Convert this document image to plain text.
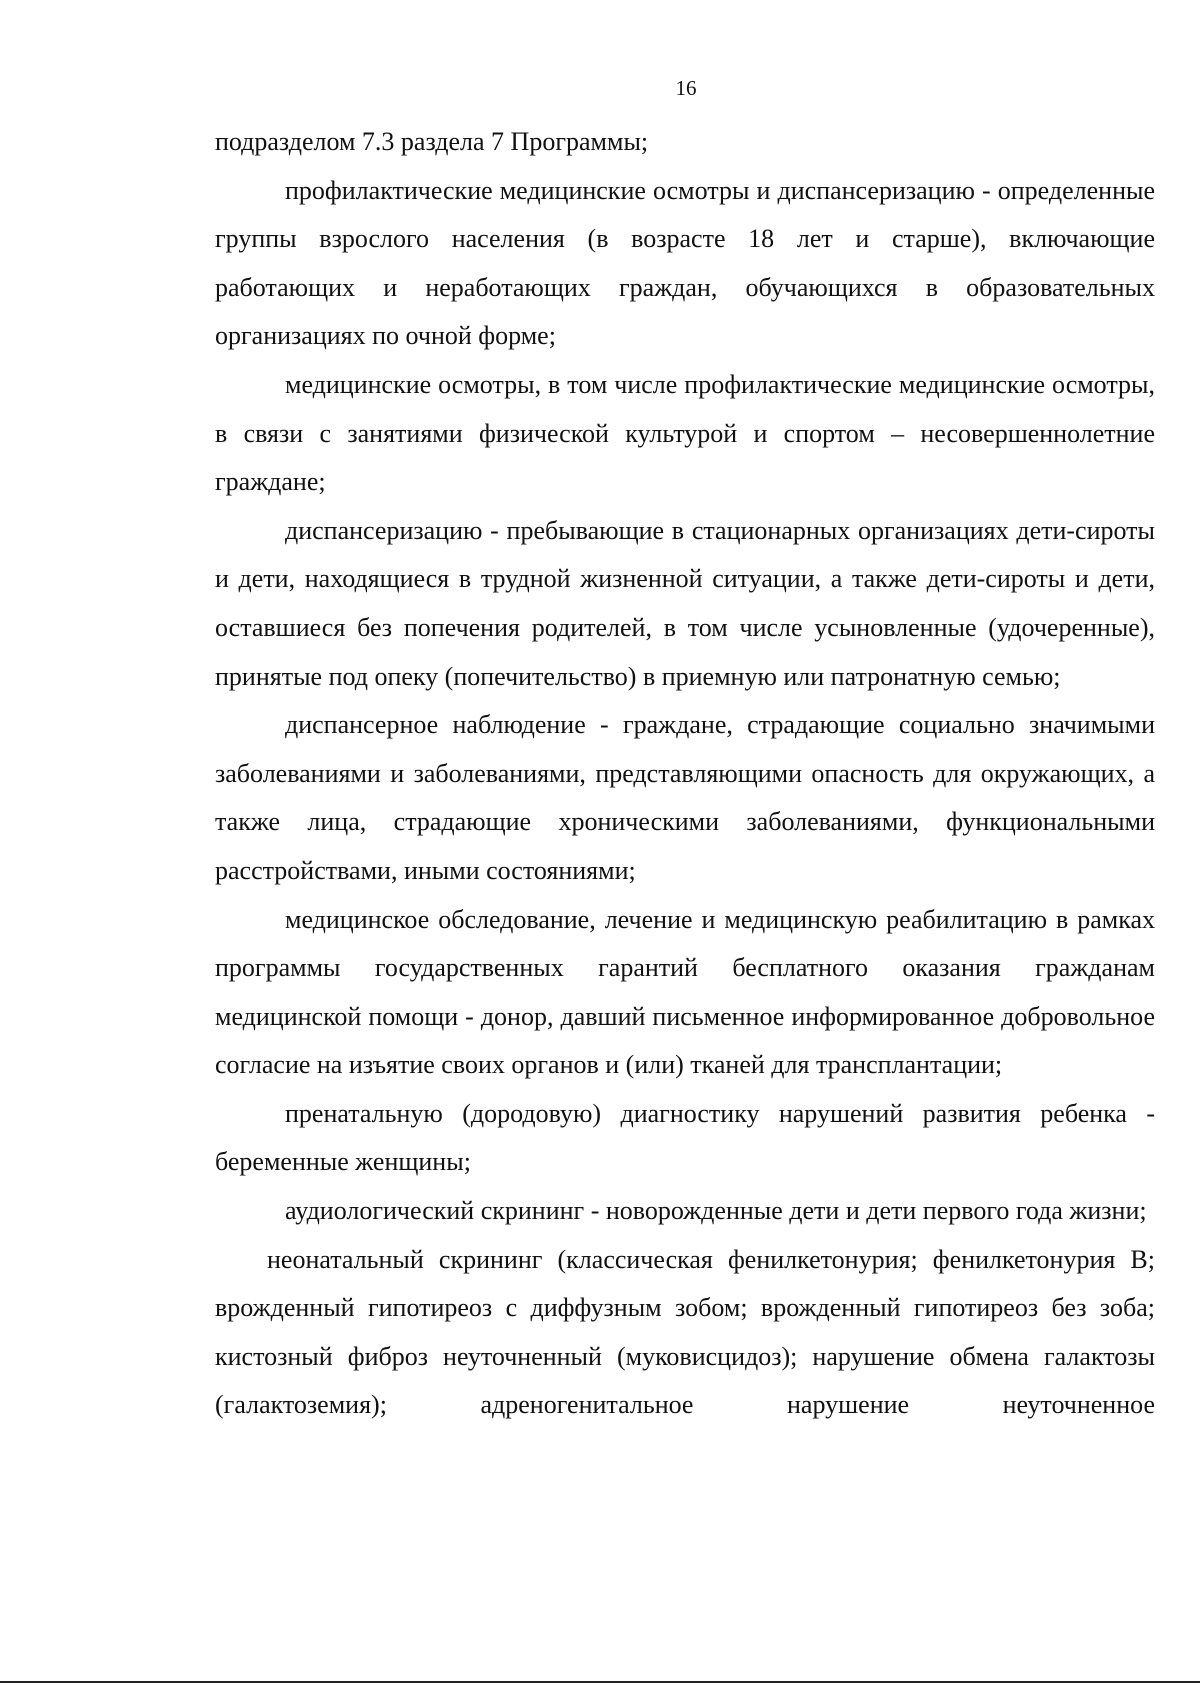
16

подразделом 7.3 раздела 7 Программы;

профилактические медицинские осмотры и диспансеризацию - определенные группы взрослого населения (в возрасте 18 лет и старше), включающие работающих и неработающих граждан, обучающихся в образовательных организациях по очной форме;

медицинские осмотры, в том числе профилактические медицинские осмотры, в связи с занятиями физической культурой и спортом – несовершеннолетние граждане;

диспансеризацию - пребывающие в стационарных организациях дети-сироты и дети, находящиеся в трудной жизненной ситуации, а также дети-сироты и дети, оставшиеся без попечения родителей, в том числе усыновленные (удочеренные), принятые под опеку (попечительство) в приемную или патронатную семью;

диспансерное наблюдение - граждане, страдающие социально значимыми заболеваниями и заболеваниями, представляющими опасность для окружающих, а также лица, страдающие хроническими заболеваниями, функциональными расстройствами, иными состояниями;

медицинское обследование, лечение и медицинскую реабилитацию в рамках программы государственных гарантий бесплатного оказания гражданам медицинской помощи - донор, давший письменное информированное добровольное согласие на изъятие своих органов и (или) тканей для трансплантации;

пренатальную (дородовую) диагностику нарушений развития ребенка - беременные женщины;

аудиологический скрининг - новорожденные дети и дети первого года жизни;

неонатальный скрининг (классическая фенилкетонурия; фенилкетонурия В; врожденный гипотиреоз с диффузным зобом; врожденный гипотиреоз без зоба; кистозный фиброз неуточненный (муковисцидоз); нарушение обмена галактозы (галактоземия); адреногенитальное нарушение неуточненное
